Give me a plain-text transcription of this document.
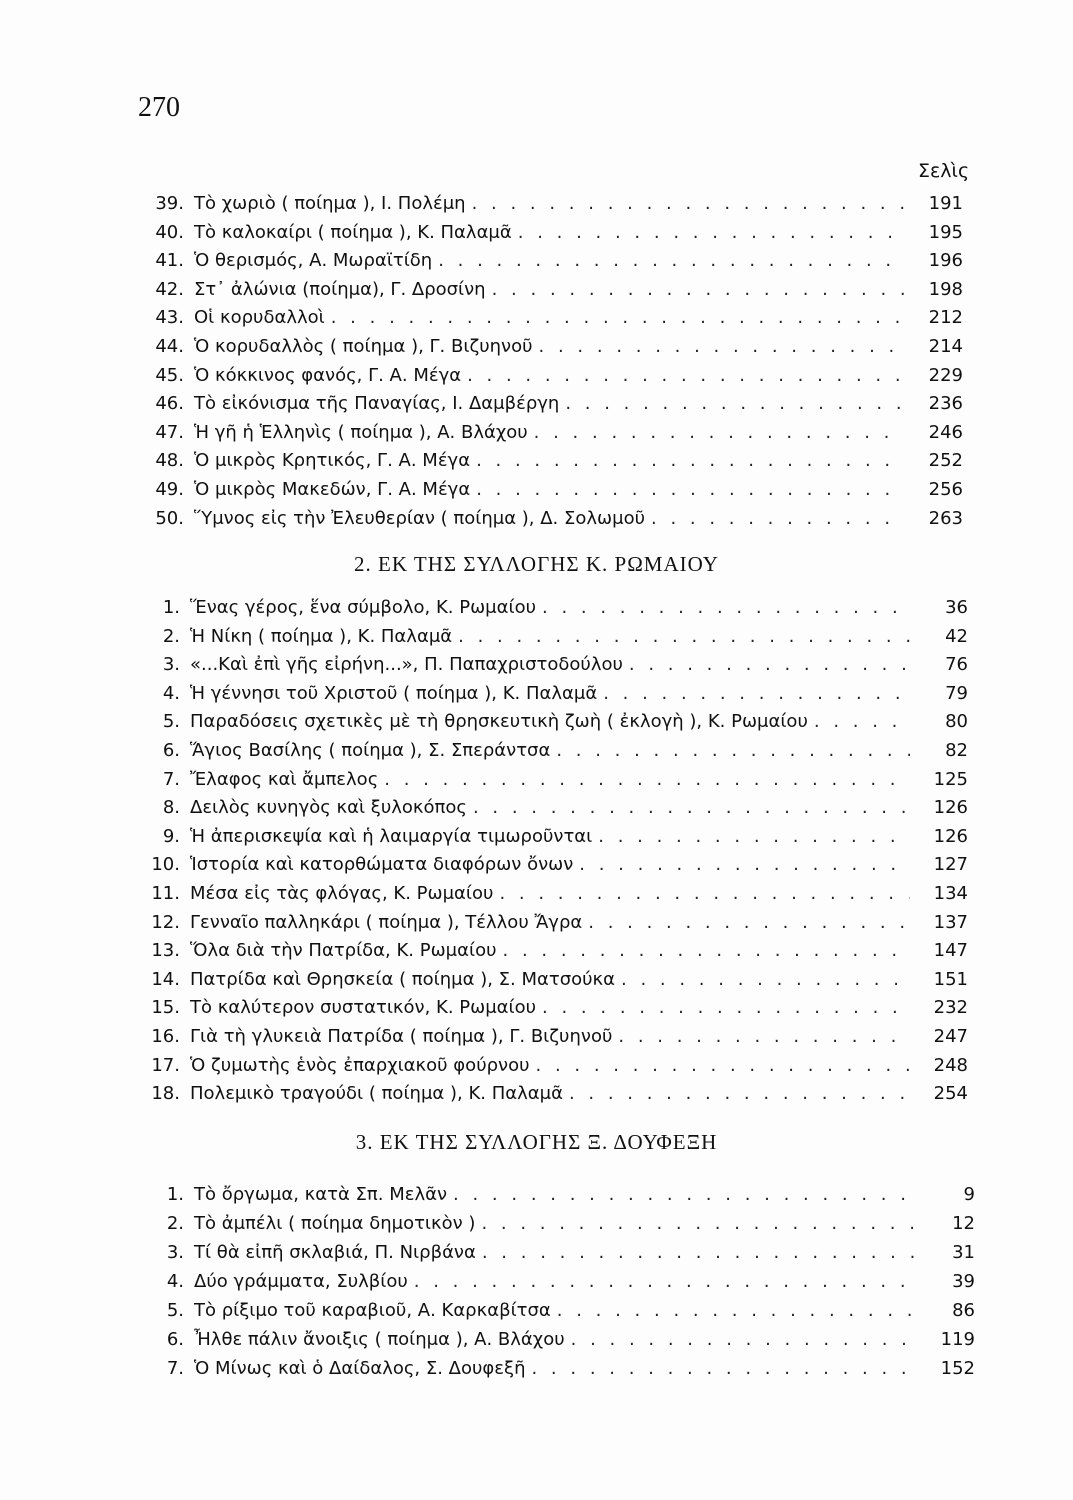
270
Σελὶς
39. Τὸ χωριὸ ( ποίημα ), Ι. Πολέμη . . .	191
40. Τὸ καλοκαίρι ( ποίημα ), Κ. Παλαμᾶ . . .	195
41. Ὁ θερισμός, Α. Μωραϊτίδη . . .	196
42. Στ᾽ ἀλώνια (ποίημα), Γ. Δροσίνη . . .	198
43. Οἱ κορυδαλλοὶ . . .	212
44. Ὁ κορυδαλλὸς ( ποίημα ), Γ. Βιζυηνοῦ . . .	214
45. Ὁ κόκκινος φανός, Γ. Α. Μέγα . . .	229
46. Τὸ εἰκόνισμα τῆς Παναγίας, Ι. Δαμβέργη . . .	236
47. Ἡ γῆ ἡ Ἑλληνὶς ( ποίημα ), Α. Βλάχου . . .	246
48. Ὁ μικρὸς Κρητικός, Γ. Α. Μέγα . . .	252
49. Ὁ μικρὸς Μακεδών, Γ. Α. Μέγα . . .	256
50. Ὕμνος εἰς τὴν Ἐλευθερίαν ( ποίημα ), Δ. Σολωμοῦ . . .	263
2. ΕΚ ΤΗΣ ΣΥΛΛΟΓΗΣ Κ. ΡΩΜΑΙΟΥ
1. Ἕνας γέρος, ἕνα σύμβολο, Κ. Ρωμαίου . . .	36
2. Ἡ Νίκη ( ποίημα ), Κ. Παλαμᾶ . . .	42
3. «...Καὶ ἐπὶ γῆς εἰρήνη...», Π. Παπαχριστοδούλου . . .	76
4. Ἡ γέννησι τοῦ Χριστοῦ ( ποίημα ), Κ. Παλαμᾶ . . .	79
5. Παραδόσεις σχετικὲς μὲ τὴ θρησκευτικὴ ζωὴ ( ἐκλογὴ ), Κ. Ρωμαίου . . .	80
6. Ἅγιος Βασίλης ( ποίημα ), Σ. Σπεράντσα . . .	82
7. Ἔλαφος καὶ ἄμπελος . . .	125
8. Δειλὸς κυνηγὸς καὶ ξυλοκόπος . . .	126
9. Ἡ ἀπερισκεψία καὶ ἡ λαιμαργία τιμωροῦνται . . .	126
10. Ἱστορία καὶ κατορθώματα διαφόρων ὄνων . . .	127
11. Μέσα εἰς τὰς φλόγας, Κ. Ρωμαίου . . .	134
12. Γενναῖο παλληκάρι ( ποίημα ), Τέλλου Ἄγρα . . .	137
13. Ὅλα διὰ τὴν Πατρίδα, Κ. Ρωμαίου . . .	147
14. Πατρίδα καὶ Θρησκεία ( ποίημα ), Σ. Ματσούκα . . .	151
15. Τὸ καλύτερον συστατικόν, Κ. Ρωμαίου . . .	232
16. Γιὰ τὴ γλυκειὰ Πατρίδα ( ποίημα ), Γ. Βιζυηνοῦ . . .	247
17. Ὁ ζυμωτὴς ἑνὸς ἐπαρχιακοῦ φούρνου . . .	248
18. Πολεμικὸ τραγούδι ( ποίημα ), Κ. Παλαμᾶ . . .	254
3. ΕΚ ΤΗΣ ΣΥΛΛΟΓΗΣ Ξ. ΔΟΥΦΕΞΗ
1. Τὸ ὄργωμα, κατὰ Σπ. Μελᾶν . . .	9
2. Τὸ ἀμπέλι ( ποίημα δημοτικὸν ) . . .	12
3. Τί θὰ εἰπῆ σκλαβιά, Π. Νιρβάνα . . .	31
4. Δύο γράμματα, Συλβίου . . .	39
5. Τὸ ρίξιμο τοῦ καραβιοῦ, Α. Καρκαβίτσα . . .	86
6. Ἦλθε πάλιν ἄνοιξις ( ποίημα ), Α. Βλάχου . . .	119
7. Ὁ Μίνως καὶ ὁ Δαίδαλος, Σ. Δουφεξῆ . . .	152
